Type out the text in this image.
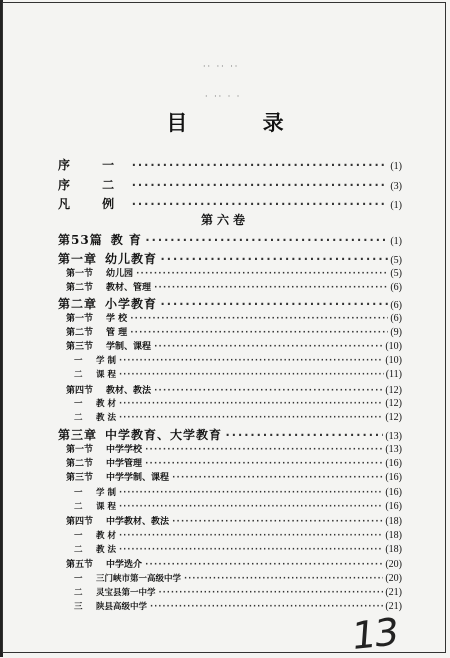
·· ·· ··
· ·· · ·
目 录
序 一 ·····	(1)
序 二 ·····	(3)
凡 例 ·····	(1)
第六卷
第53篇 教 育 ·····	(1)
第一章 幼儿教育 ·····	(5)
第一节 幼儿园 ·····	(5)
第二节 教材、管理 ·····	(6)
第二章 小学教育 ·····	(6)
第一节 学 校 ·····	(6)
第二节 管 理 ·····	(9)
第三节 学制、课程 ·····	(10)
一 学 制 ·····	(10)
二 课 程 ·····	(11)
第四节 教材、教法 ·····	(12)
一 教 材 ·····	(12)
二 教 法 ·····	(12)
第三章 中学教育、大学教育 ·····	(13)
第一节 中学学校 ·····	(13)
第二节 中学管理 ·····	(16)
第三节 中学学制、课程 ·····	(16)
一 学 制 ·····	(16)
二 课 程 ·····	(16)
第四节 中学教材、教法 ·····	(18)
一 教 材 ·····	(18)
二 教 法 ·····	(18)
第五节 中学选介 ·····	(20)
一 三门峡市第一高级中学 ·····	(20)
二 灵宝县第一中学 ·····	(21)
三 陕县高级中学 ·····	(21)
13
